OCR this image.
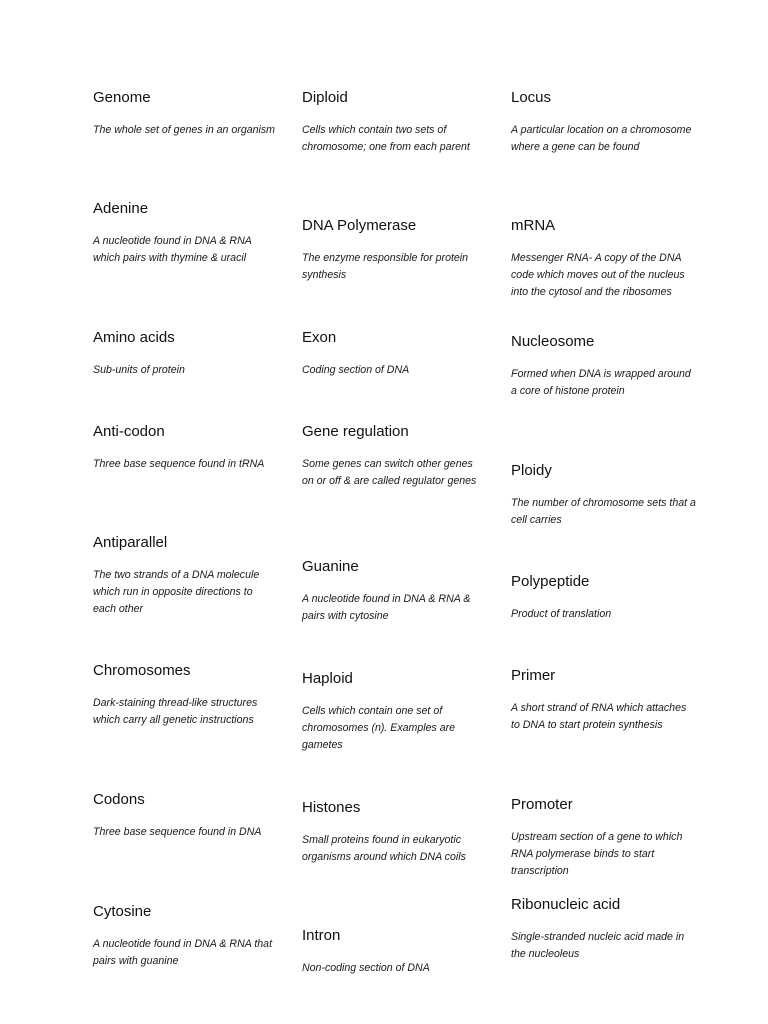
Genome

The whole set of genes in an organism

Adenine

A nucleotide found in DNA & RNA which pairs with thymine & uracil

Amino acids

Sub-units of protein

Anti-codon

Three base sequence found in tRNA

Antiparallel

The two strands of a DNA molecule which run in opposite directions to each other

Chromosomes

Dark-staining thread-like structures which carry all genetic instructions

Codons

Three base sequence found in DNA

Cytosine

A nucleotide found in DNA & RNA that pairs with guanine

Diploid

Cells which contain two sets of chromosome; one from each parent

DNA Polymerase

The enzyme responsible for protein synthesis

Exon

Coding section of DNA

Gene regulation

Some genes can switch other genes on or off & are called regulator genes

Guanine

A nucleotide found in DNA & RNA & pairs with cytosine

Haploid

Cells which contain one set of chromosomes (n). Examples are gametes

Histones

Small proteins found in eukaryotic organisms around which DNA coils

Intron

Non-coding section of DNA

Locus

A particular location on a chromosome where a gene can be found

mRNA

Messenger RNA- A copy of the DNA code which moves out of the nucleus into the cytosol and the ribosomes

Nucleosome

Formed when DNA is wrapped around a core of histone protein

Ploidy

The number of chromosome sets that a cell carries

Polypeptide

Product of translation

Primer

A short strand of RNA which attaches to DNA to start protein synthesis

Promoter

Upstream section of a gene to which RNA polymerase binds to start transcription

Ribonucleic acid

Single-stranded nucleic acid made in the nucleoleus
